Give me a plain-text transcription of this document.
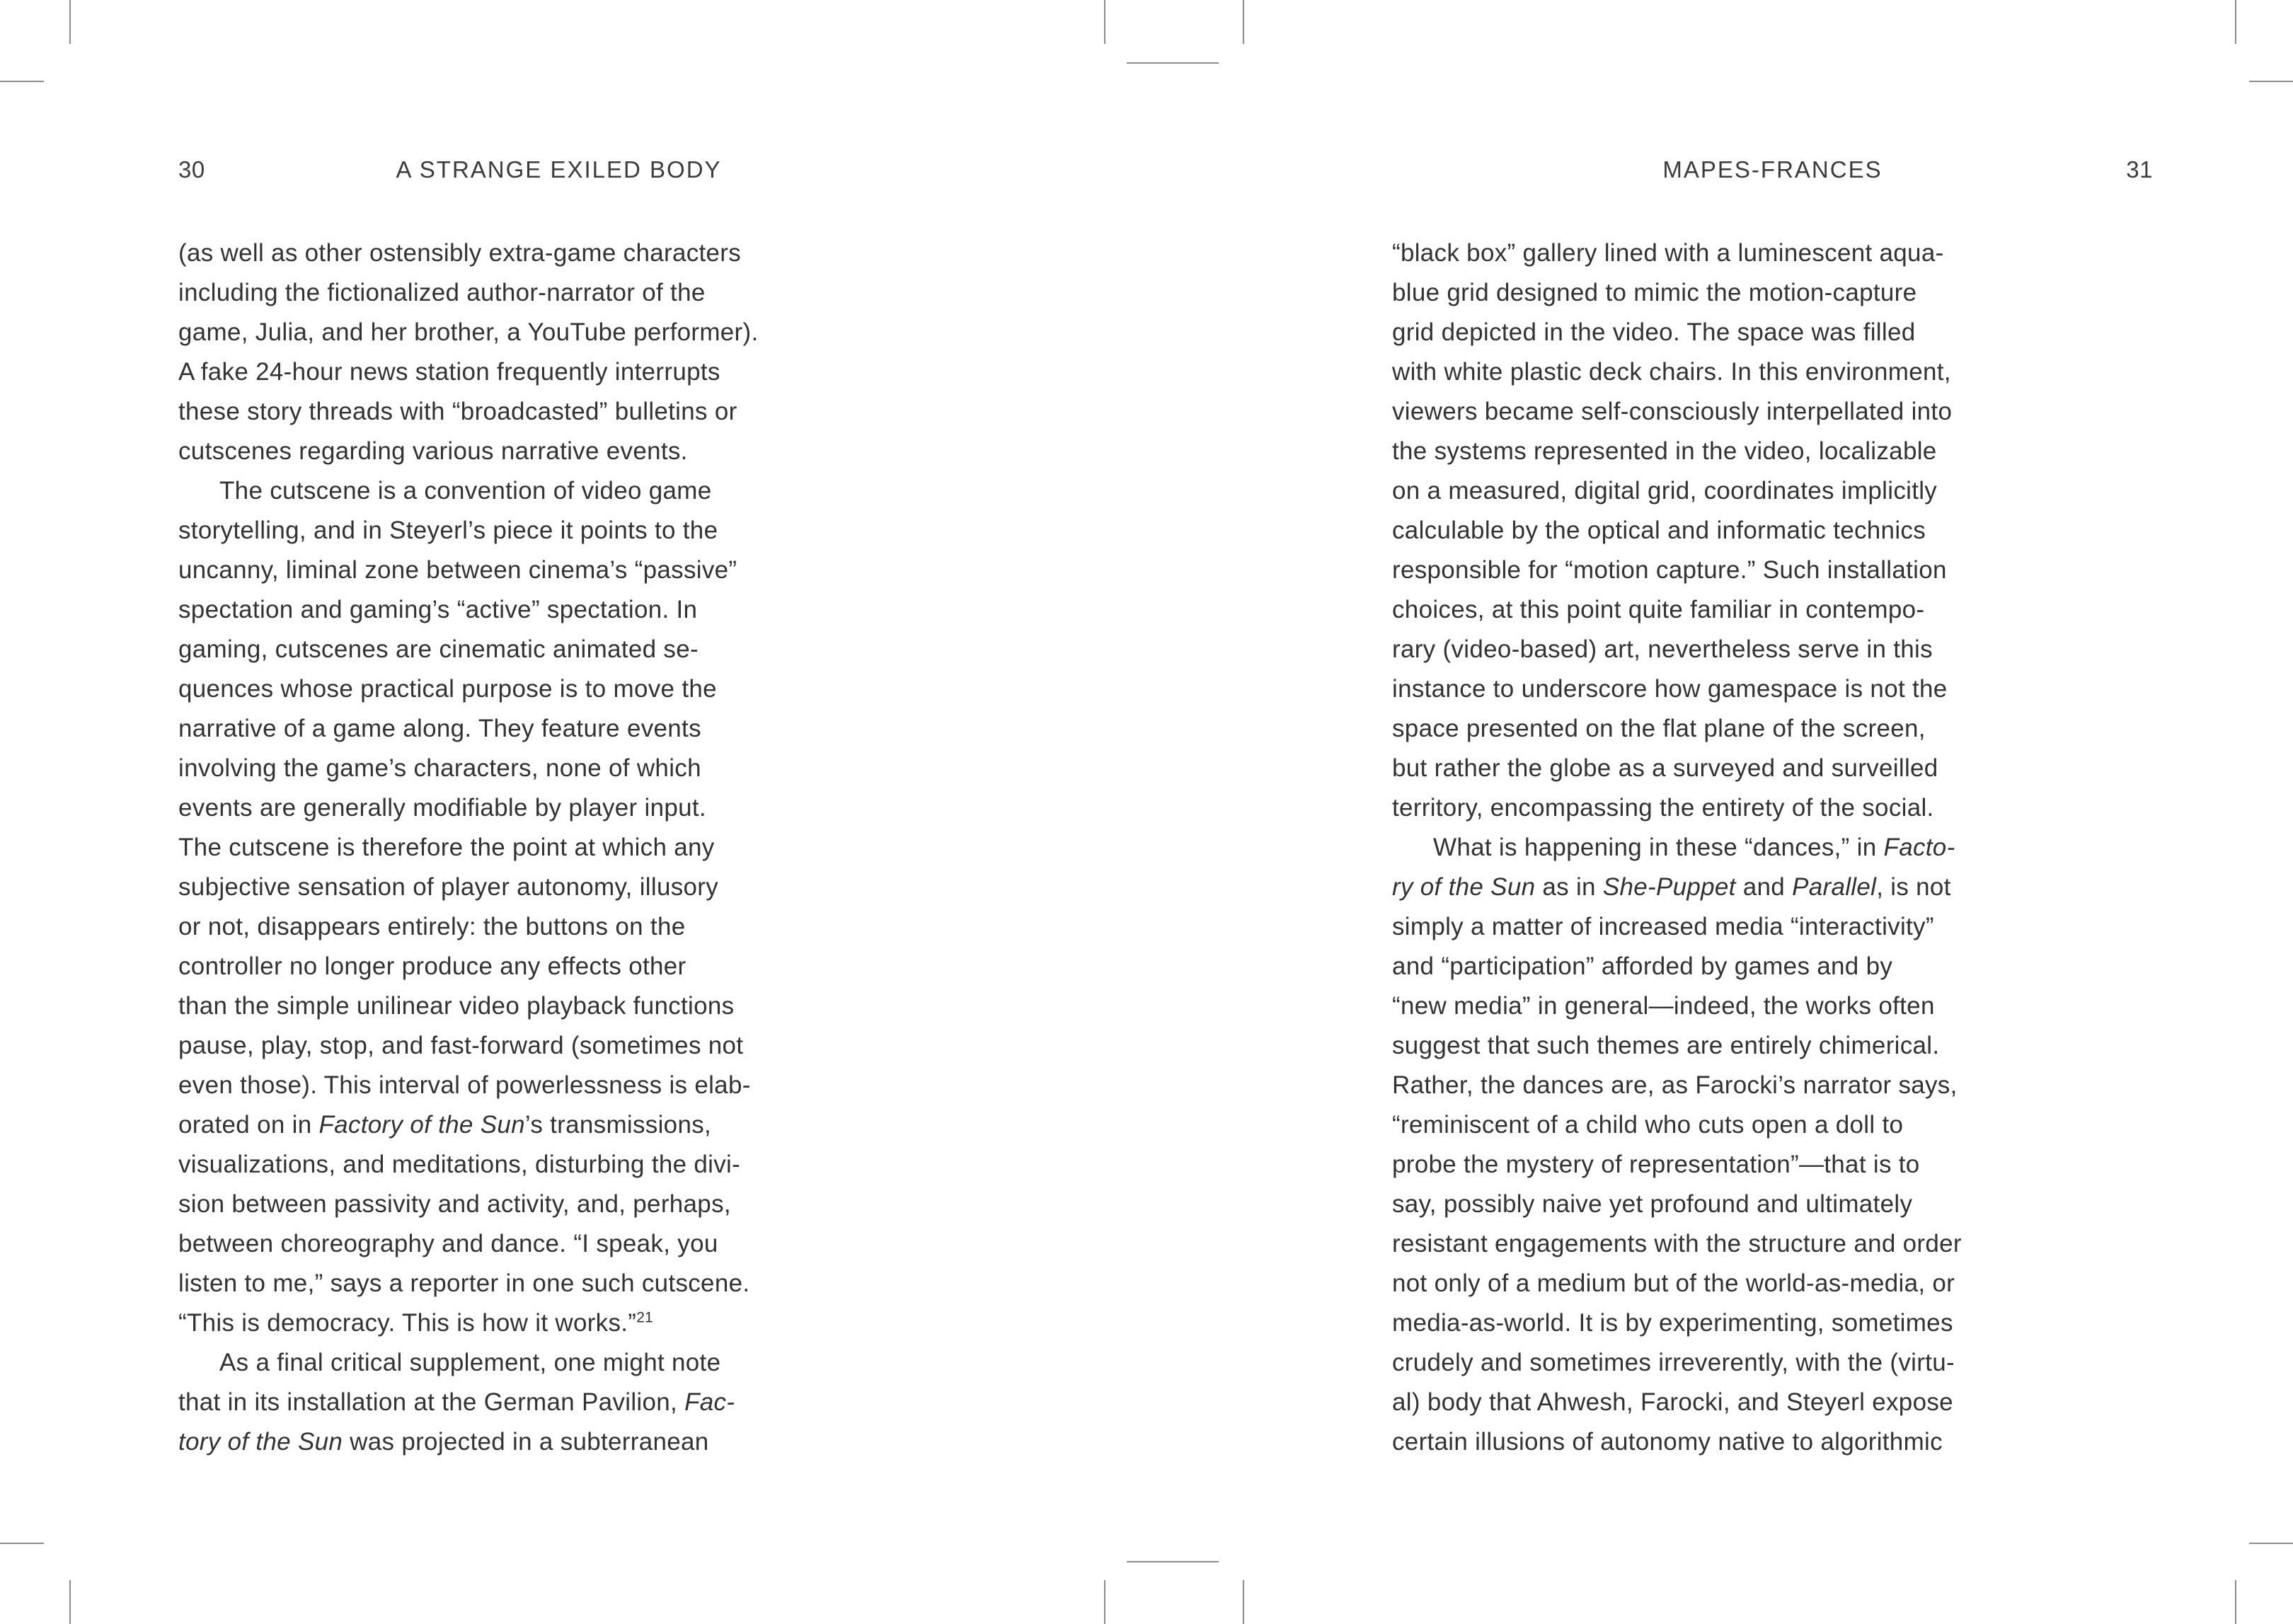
30	A STRANGE EXILED BODY	MAPES-FRANCES	31
(as well as other ostensibly extra-game characters
including the fictionalized author-narrator of the
game, Julia, and her brother, a YouTube performer).
A fake 24-hour news station frequently interrupts
these story threads with “broadcasted” bulletins or
cutscenes regarding various narrative events.
The cutscene is a convention of video game
storytelling, and in Steyerl’s piece it points to the
uncanny, liminal zone between cinema’s “passive”
spectation and gaming’s “active” spectation. In
gaming, cutscenes are cinematic animated se-
quences whose practical purpose is to move the
narrative of a game along. They feature events
involving the game’s characters, none of which
events are generally modifiable by player input.
The cutscene is therefore the point at which any
subjective sensation of player autonomy, illusory
or not, disappears entirely: the buttons on the
controller no longer produce any effects other
than the simple unilinear video playback functions
pause, play, stop, and fast-forward (sometimes not
even those). This interval of powerlessness is elab-
orated on in Factory of the Sun’s transmissions,
visualizations, and meditations, disturbing the divi-
sion between passivity and activity, and, perhaps,
between choreography and dance. “I speak, you
listen to me,” says a reporter in one such cutscene.
“This is democracy. This is how it works.”$^{21}$
As a final critical supplement, one might note
that in its installation at the German Pavilion, Fac-
tory of the Sun was projected in a subterranean
“black box” gallery lined with a luminescent aqua-
blue grid designed to mimic the motion-capture
grid depicted in the video. The space was filled
with white plastic deck chairs. In this environment,
viewers became self-consciously interpellated into
the systems represented in the video, localizable
on a measured, digital grid, coordinates implicitly
calculable by the optical and informatic technics
responsible for “motion capture.” Such installation
choices, at this point quite familiar in contempo-
rary (video-based) art, nevertheless serve in this
instance to underscore how gamespace is not the
space presented on the flat plane of the screen,
but rather the globe as a surveyed and surveilled
territory, encompassing the entirety of the social.
What is happening in these “dances,” in Facto-
ry of the Sun as in She-Puppet and Parallel, is not
simply a matter of increased media “interactivity”
and “participation” afforded by games and by
“new media” in general—indeed, the works often
suggest that such themes are entirely chimerical.
Rather, the dances are, as Farocki’s narrator says,
“reminiscent of a child who cuts open a doll to
probe the mystery of representation”—that is to
say, possibly naive yet profound and ultimately
resistant engagements with the structure and order
not only of a medium but of the world-as-media, or
media-as-world. It is by experimenting, sometimes
crudely and sometimes irreverently, with the (virtu-
al) body that Ahwesh, Farocki, and Steyerl expose
certain illusions of autonomy native to algorithmic
